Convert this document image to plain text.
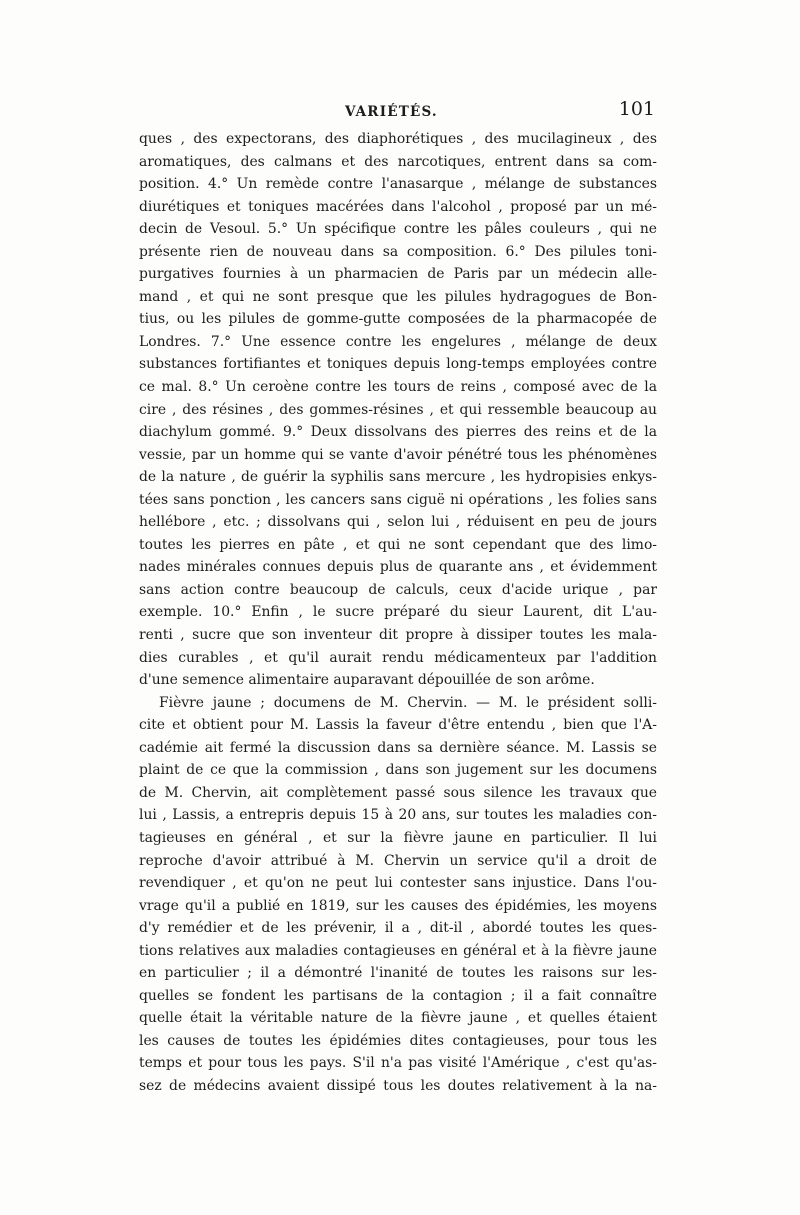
VARIÉTÉS.	101
ques , des expectorans, des diaphorétiques , des mucilagineux , des
aromatiques, des calmans et des narcotiques, entrent dans sa com-
position. 4.° Un remède contre l'anasarque , mélange de substances
diurétiques et toniques macérées dans l'alcohol , proposé par un mé-
decin de Vesoul. 5.° Un spécifique contre les pâles couleurs , qui ne
présente rien de nouveau dans sa composition. 6.° Des pilules toni-
purgatives fournies à un pharmacien de Paris par un médecin alle-
mand , et qui ne sont presque que les pilules hydragogues de Bon-
tius, ou les pilules de gomme-gutte composées de la pharmacopée de
Londres. 7.° Une essence contre les engelures , mélange de deux
substances fortifiantes et toniques depuis long-temps employées contre
ce mal. 8.° Un ceroène contre les tours de reins , composé avec de la
cire , des résines , des gommes-résines , et qui ressemble beaucoup au
diachylum gommé. 9.° Deux dissolvans des pierres des reins et de la
vessie, par un homme qui se vante d'avoir pénétré tous les phénomènes
de la nature , de guérir la syphilis sans mercure , les hydropisies enkys-
tées sans ponction , les cancers sans ciguë ni opérations , les folies sans
hellébore , etc. ; dissolvans qui , selon lui , réduisent en peu de jours
toutes les pierres en pâte , et qui ne sont cependant que des limo-
nades minérales connues depuis plus de quarante ans , et évidemment
sans action contre beaucoup de calculs, ceux d'acide urique , par
exemple. 10.° Enfin , le sucre préparé du sieur Laurent, dit L'au-
renti , sucre que son inventeur dit propre à dissiper toutes les mala-
dies curables , et qu'il aurait rendu médicamenteux par l'addition
d'une semence alimentaire auparavant dépouillée de son arôme.
Fièvre jaune ; documens de M. Chervin. — M. le président solli-
cite et obtient pour M. Lassis la faveur d'être entendu , bien que l'A-
cadémie ait fermé la discussion dans sa dernière séance. M. Lassis se
plaint de ce que la commission , dans son jugement sur les documens
de M. Chervin, ait complètement passé sous silence les travaux que
lui , Lassis, a entrepris depuis 15 à 20 ans, sur toutes les maladies con-
tagieuses en général , et sur la fièvre jaune en particulier. Il lui
reproche d'avoir attribué à M. Chervin un service qu'il a droit de
revendiquer , et qu'on ne peut lui contester sans injustice. Dans l'ou-
vrage qu'il a publié en 1819, sur les causes des épidémies, les moyens
d'y remédier et de les prévenir, il a , dit-il , abordé toutes les ques-
tions relatives aux maladies contagieuses en général et à la fièvre jaune
en particulier ; il a démontré l'inanité de toutes les raisons sur les-
quelles se fondent les partisans de la contagion ; il a fait connaître
quelle était la véritable nature de la fièvre jaune , et quelles étaient
les causes de toutes les épidémies dites contagieuses, pour tous les
temps et pour tous les pays. S'il n'a pas visité l'Amérique , c'est qu'as-
sez de médecins avaient dissipé tous les doutes relativement à la na-
